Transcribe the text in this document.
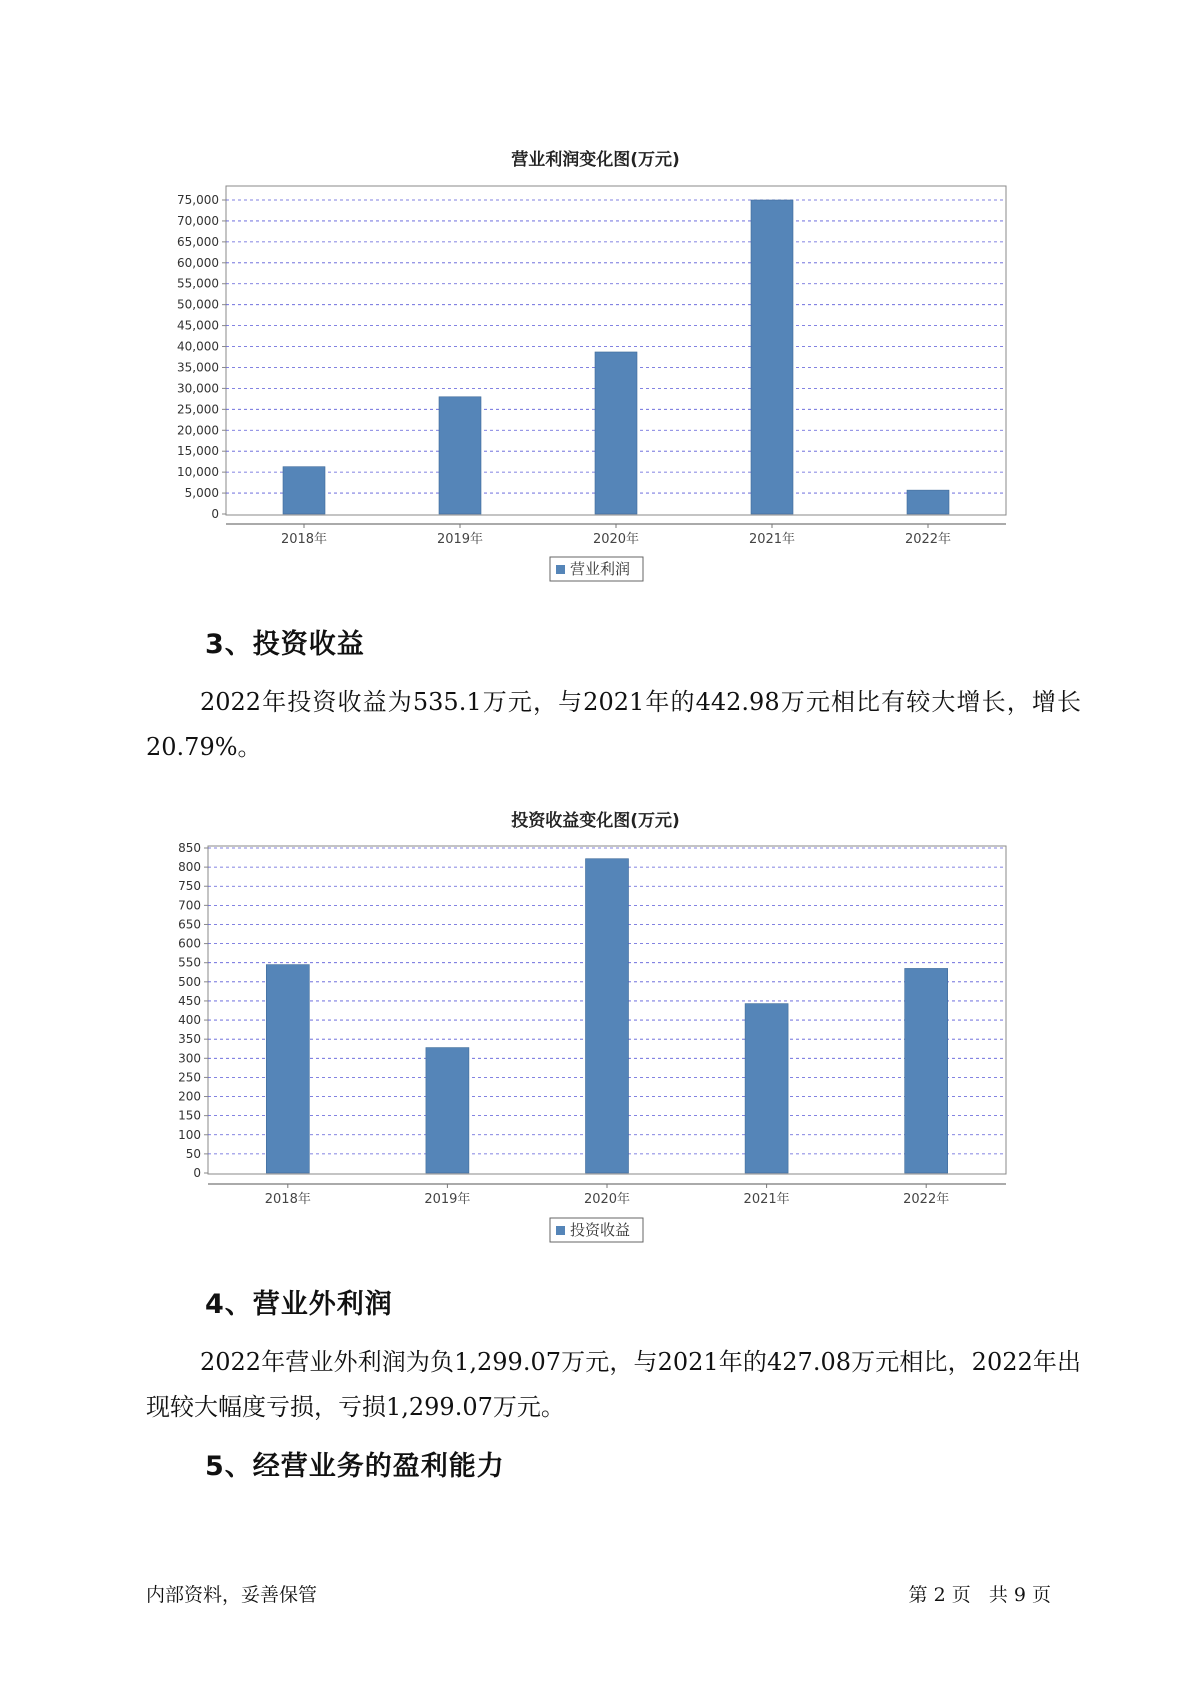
营业利润变化图(万元)
0
5,000
10,000
15,000
20,000
25,000
30,000
35,000
40,000
45,000
50,000
55,000
60,000
65,000
70,000
75,000
2018年	2019年	2020年	2021年	2022年
营业利润
3、投资收益
2022年投资收益为535.1万元，与2021年的442.98万元相比有较大增长，增长20.79%。
投资收益变化图(万元)
0
50
100
150
200
250
300
350
400
450
500
550
600
650
700
750
800
850
2018年	2019年	2020年	2021年	2022年
投资收益
4、营业外利润
2022年营业外利润为负1,299.07万元，与2021年的427.08万元相比，2022年出现较大幅度亏损，亏损1,299.07万元。
5、经营业务的盈利能力
内部资料，妥善保管	第 2 页   共 9 页
